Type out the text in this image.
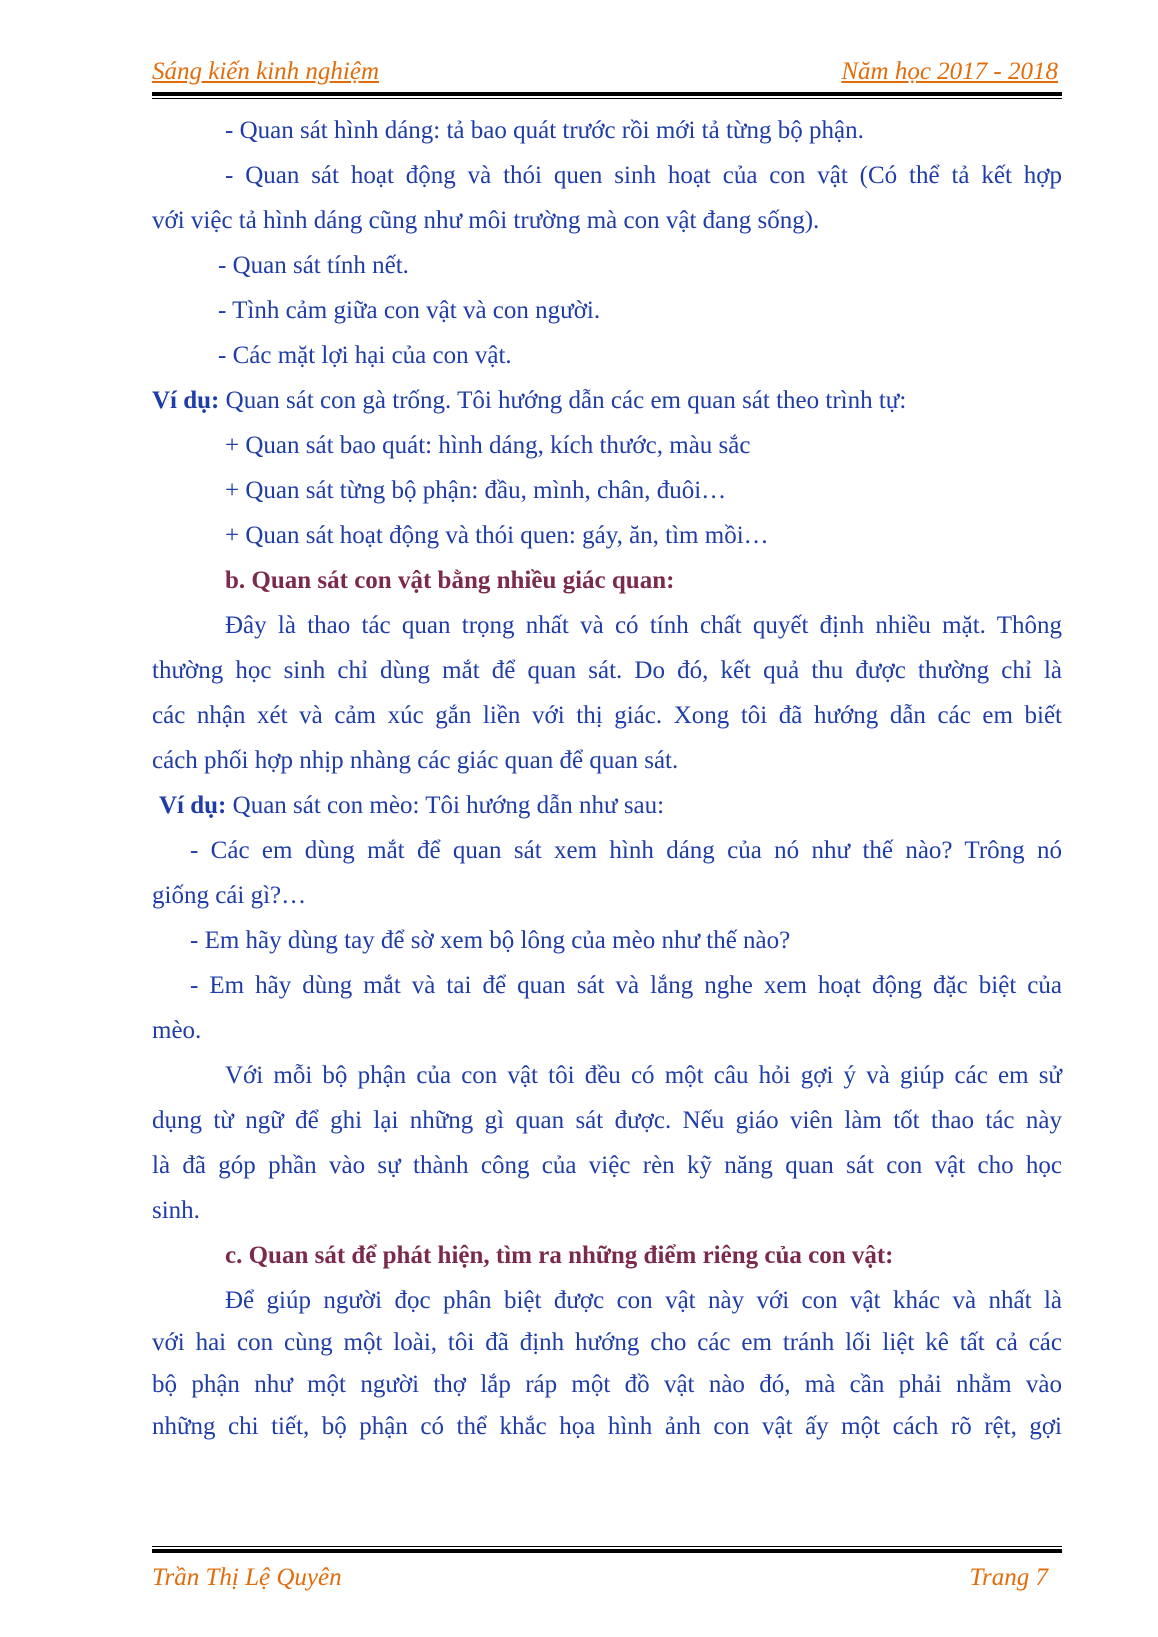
Sáng kiến kinh nghiệm	Năm học 2017 - 2018
- Quan sát hình dáng: tả bao quát trước rồi mới tả từng bộ phận.
- Quan sát hoạt động và thói quen sinh hoạt của con vật (Có thể tả kết hợp
với việc tả hình dáng cũng như môi trường mà con vật đang sống).
- Quan sát tính nết.
- Tình cảm giữa con vật và con người.
- Các mặt lợi hại của con vật.
Ví dụ: Quan sát con gà trống. Tôi hướng dẫn các em quan sát theo trình tự:
+ Quan sát bao quát: hình dáng, kích thước, màu sắc
+ Quan sát từng bộ phận: đầu, mình, chân, đuôi…
+ Quan sát hoạt động và thói quen: gáy, ăn, tìm mồi…
b. Quan sát con vật bằng nhiều giác quan:
Đây là thao tác quan trọng nhất và có tính chất quyết định nhiều mặt. Thông
thường học sinh chỉ dùng mắt để quan sát. Do đó, kết quả thu được thường chỉ là
các nhận xét và cảm xúc gắn liền với thị giác. Xong tôi đã hướng dẫn các em biết
cách phối hợp nhịp nhàng các giác quan để quan sát.
Ví dụ: Quan sát con mèo: Tôi hướng dẫn như sau:
- Các em dùng mắt để quan sát xem hình dáng của nó như thế nào? Trông nó
giống cái gì?…
- Em hãy dùng tay để sờ xem bộ lông của mèo như thế nào?
- Em hãy dùng mắt và tai để quan sát và lắng nghe xem hoạt động đặc biệt của
mèo.
Với mỗi bộ phận của con vật tôi đều có một câu hỏi gợi ý và giúp các em sử
dụng từ ngữ để ghi lại những gì quan sát được. Nếu giáo viên làm tốt thao tác này
là đã góp phần vào sự thành công của việc rèn kỹ năng quan sát con vật cho học
sinh.
c. Quan sát để phát hiện, tìm ra những điểm riêng của con vật:
Để giúp người đọc phân biệt được con vật này với con vật khác và nhất là
với hai con cùng một loài, tôi đã định hướng cho các em tránh lối liệt kê tất cả các
bộ phận như một người thợ lắp ráp một đồ vật nào đó, mà cần phải nhằm vào
những chi tiết, bộ phận có thể khắc họa hình ảnh con vật ấy một cách rõ rệt, gợi
Trần Thị Lệ Quyên	Trang 7
